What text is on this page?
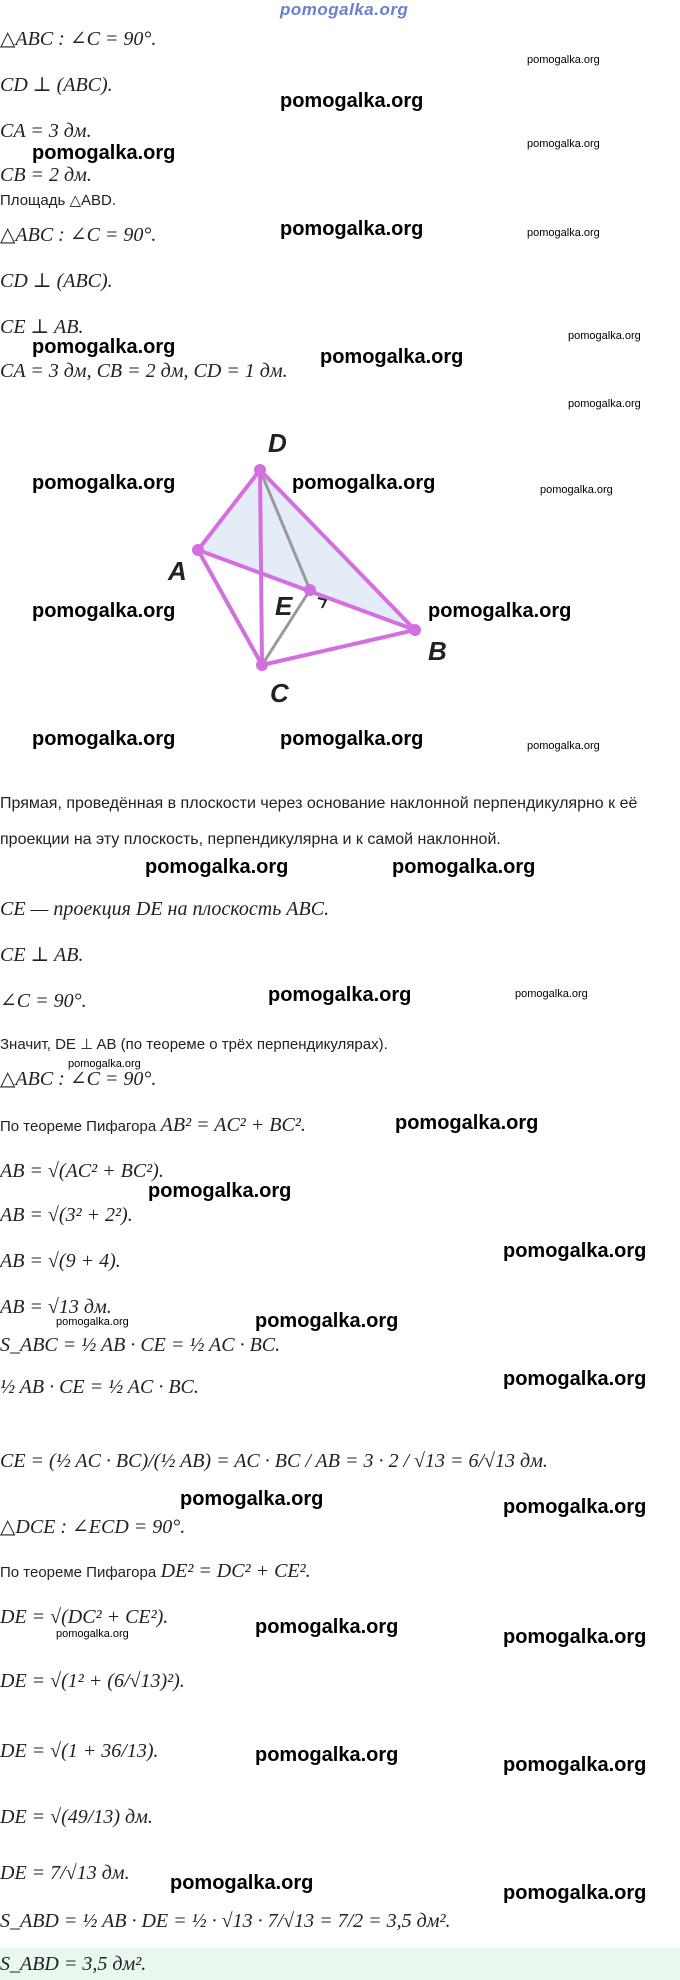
pomogalka.org
△ABC : ∠C = 90°.
CD ⊥ (ABC).
CA = 3 дм.
CB = 2 дм.
Площадь △ABD.
△ABC : ∠C = 90°.
CD ⊥ (ABC).
CE ⊥ AB.
CA = 3 дм, CB = 2 дм, CD = 1 дм.
D
A
E
B
C
Прямая, проведённая в плоскости через основание наклонной перпендикулярно к её проекции на эту плоскость, перпендикулярна и к самой наклонной.
CE — проекция DE на плоскость ABC.
CE ⊥ AB.
∠C = 90°.
Значит, DE ⊥ AB (по теореме о трёх перпендикулярах).
△ABC : ∠C = 90°.
По теореме Пифагора AB² = AC² + BC².
AB = √(AC² + BC²).
AB = √(3² + 2²).
AB = √(9 + 4).
AB = √13 дм.
S_ABC = ½ AB · CE = ½ AC · BC.
½ AB · CE = ½ AC · BC.
CE = (½ AC · BC)/(½ AB) = AC · BC / AB = 3 · 2 / √13 = 6/√13 дм.
△DCE : ∠ECD = 90°.
По теореме Пифагора DE² = DC² + CE².
DE = √(DC² + CE²).
DE = √(1² + (6/√13)²).
DE = √(1 + 36/13).
DE = √(49/13) дм.
DE = 7/√13 дм.
S_ABD = ½ AB · DE = ½ · √13 · 7/√13 = 7/2 = 3,5 дм².
S_ABD = 3,5 дм².
pomogalka.org
pomogalka.org
pomogalka.org	pomogalka.org
pomogalka.org	pomogalka.org
pomogalka.org
pomogalka.org	pomogalka.org
pomogalka.org
pomogalka.org	pomogalka.org	pomogalka.org
pomogalka.org	pomogalka.org
pomogalka.org	pomogalka.org	pomogalka.org
pomogalka.org	pomogalka.org
pomogalka.org	pomogalka.org
pomogalka.org
pomogalka.org
pomogalka.org
pomogalka.org
pomogalka.org	pomogalka.org
pomogalka.org
pomogalka.org	pomogalka.org
pomogalka.org	pomogalka.org	pomogalka.org
pomogalka.org	pomogalka.org
pomogalka.org	pomogalka.org
